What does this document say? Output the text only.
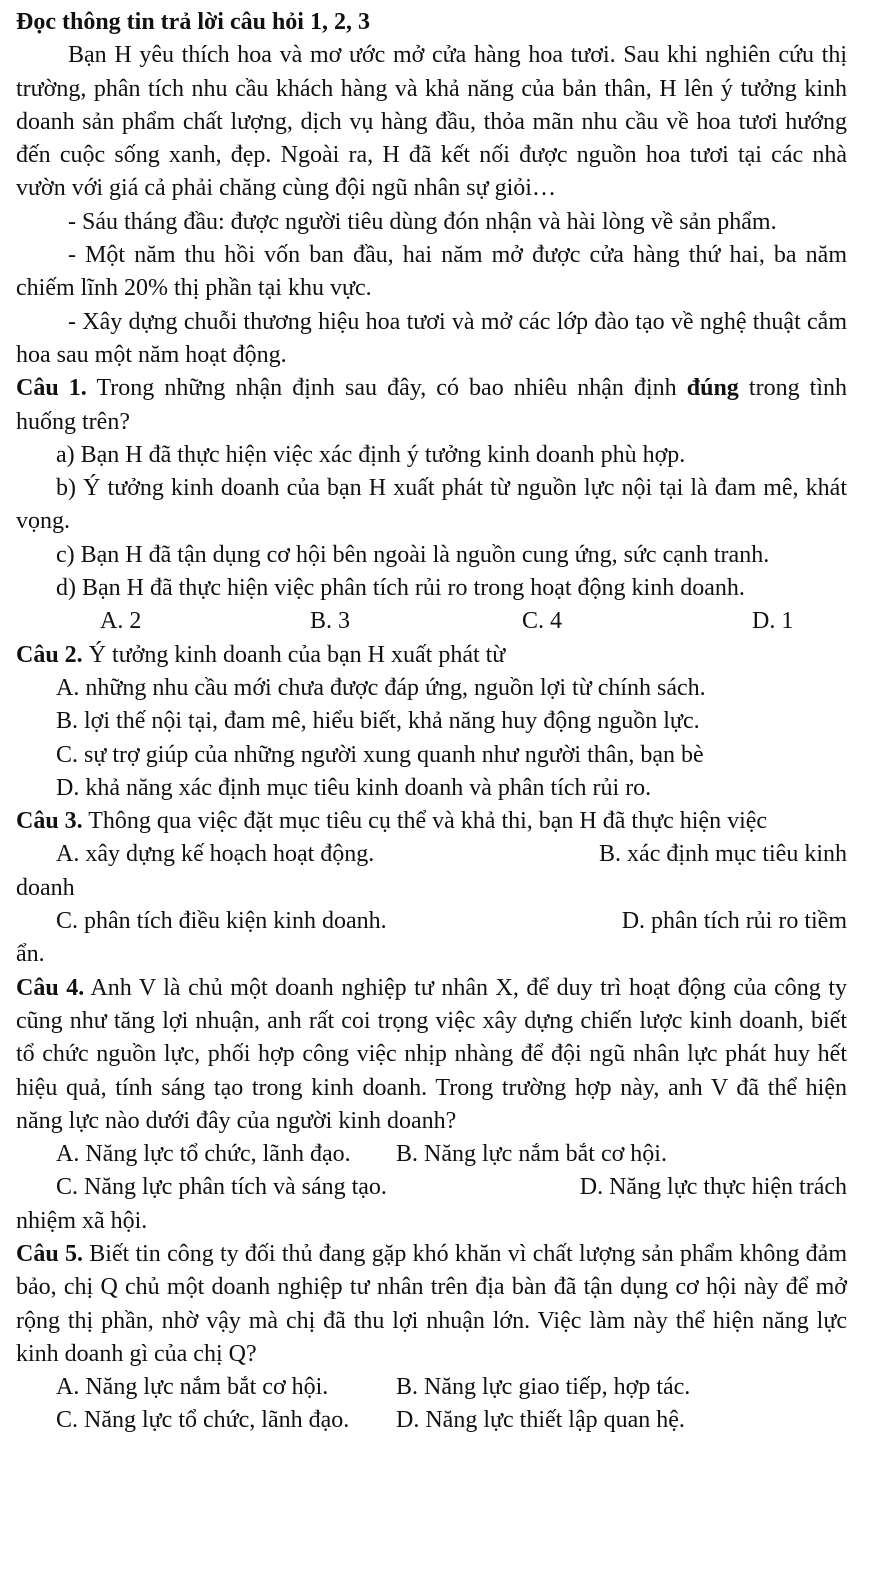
Đọc thông tin trả lời câu hỏi 1, 2, 3

Bạn H yêu thích hoa và mơ ước mở cửa hàng hoa tươi. Sau khi nghiên cứu thị trường, phân tích nhu cầu khách hàng và khả năng của bản thân, H lên ý tưởng kinh doanh sản phẩm chất lượng, dịch vụ hàng đầu, thỏa mãn nhu cầu về hoa tươi hướng đến cuộc sống xanh, đẹp. Ngoài ra, H đã kết nối được nguồn hoa tươi tại các nhà vườn với giá cả phải chăng cùng đội ngũ nhân sự giỏi…

- Sáu tháng đầu: được người tiêu dùng đón nhận và hài lòng về sản phẩm.

- Một năm thu hồi vốn ban đầu, hai năm mở được cửa hàng thứ hai, ba năm chiếm lĩnh 20% thị phần tại khu vực.

- Xây dựng chuỗi thương hiệu hoa tươi và mở các lớp đào tạo về nghệ thuật cắm hoa sau một năm hoạt động.

Câu 1. Trong những nhận định sau đây, có bao nhiêu nhận định đúng trong tình huống trên?

a) Bạn H đã thực hiện việc xác định ý tưởng kinh doanh phù hợp.

b) Ý tưởng kinh doanh của bạn H xuất phát từ nguồn lực nội tại là đam mê, khát vọng.

c) Bạn H đã tận dụng cơ hội bên ngoài là nguồn cung ứng, sức cạnh tranh.

d) Bạn H đã thực hiện việc phân tích rủi ro trong hoạt động kinh doanh.

A. 2	B. 3	C. 4	D. 1

Câu 2. Ý tưởng kinh doanh của bạn H xuất phát từ

A. những nhu cầu mới chưa được đáp ứng, nguồn lợi từ chính sách.

B. lợi thế nội tại, đam mê, hiểu biết, khả năng huy động nguồn lực.

C. sự trợ giúp của những người xung quanh như người thân, bạn bè

D. khả năng xác định mục tiêu kinh doanh và phân tích rủi ro.

Câu 3. Thông qua việc đặt mục tiêu cụ thể và khả thi, bạn H đã thực hiện việc

A. xây dựng kế hoạch hoạt động.	B. xác định mục tiêu kinh

doanh

C. phân tích điều kiện kinh doanh.	D. phân tích rủi ro tiềm

ẩn.

Câu 4. Anh V là chủ một doanh nghiệp tư nhân X, để duy trì hoạt động của công ty cũng như tăng lợi nhuận, anh rất coi trọng việc xây dựng chiến lược kinh doanh, biết tổ chức nguồn lực, phối hợp công việc nhịp nhàng để đội ngũ nhân lực phát huy hết hiệu quả, tính sáng tạo trong kinh doanh. Trong trường hợp này, anh V đã thể hiện năng lực nào dưới đây của người kinh doanh?

A. Năng lực tổ chức, lãnh đạo.	B. Năng lực nắm bắt cơ hội.
C. Năng lực phân tích và sáng tạo.	D. Năng lực thực hiện trách

nhiệm xã hội.

Câu 5. Biết tin công ty đối thủ đang gặp khó khăn vì chất lượng sản phẩm không đảm bảo, chị Q chủ một doanh nghiệp tư nhân trên địa bàn đã tận dụng cơ hội này để mở rộng thị phần, nhờ vậy mà chị đã thu lợi nhuận lớn. Việc làm này thể hiện năng lực kinh doanh gì của chị Q?

A. Năng lực nắm bắt cơ hội.	B. Năng lực giao tiếp, hợp tác.
C. Năng lực tổ chức, lãnh đạo.	D. Năng lực thiết lập quan hệ.
